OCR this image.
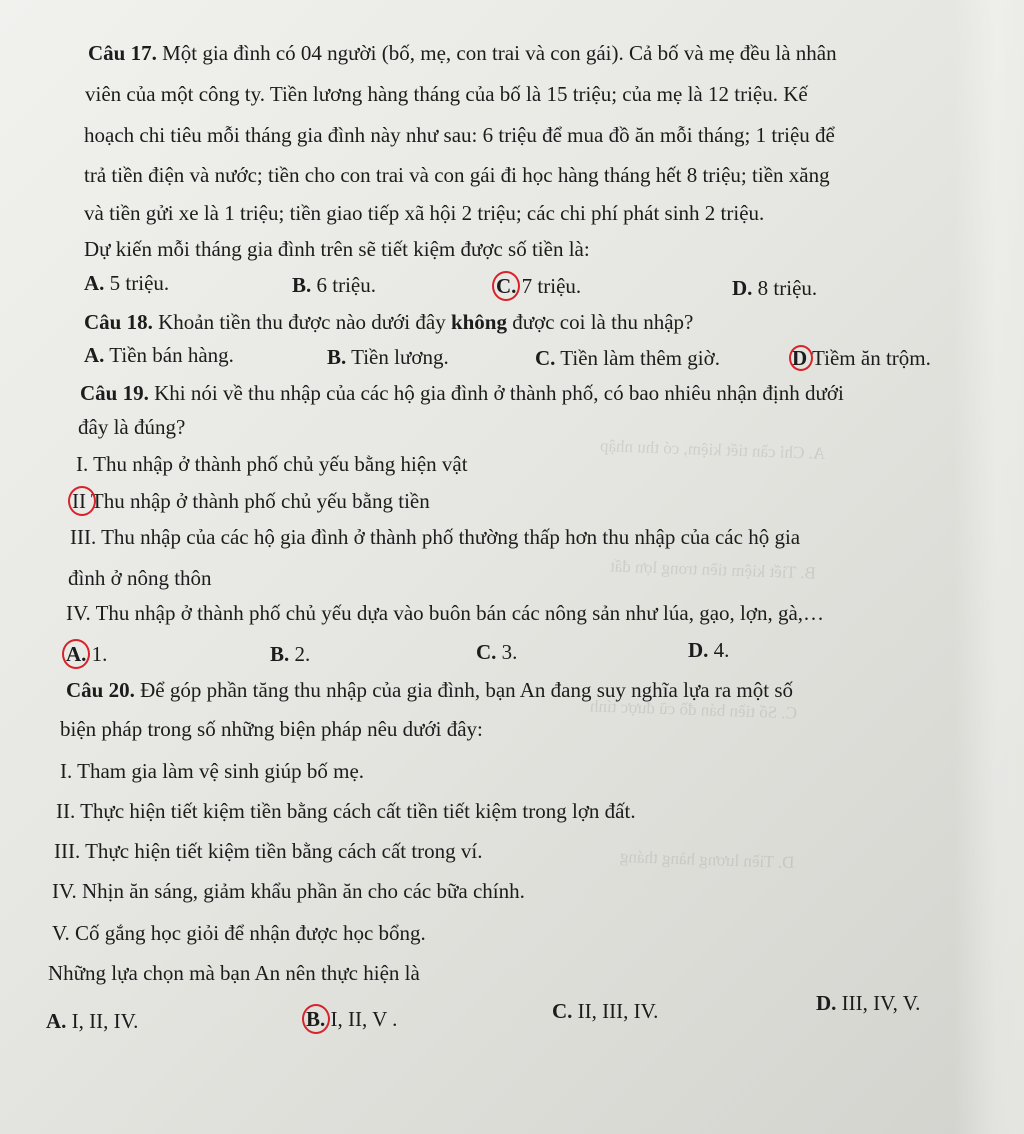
A. Chỉ cần tiết kiệm, có thu nhập
B. Tiết kiệm tiền trong lợn đất
C. Số tiền bán đồ cũ được tính
D. Tiền lương hàng tháng
Câu 17. Một gia đình có 04 người (bố, mẹ, con trai và con gái). Cả bố và mẹ đều là nhân
viên của một công ty. Tiền lương hàng tháng của bố là 15 triệu; của mẹ là 12 triệu. Kế
hoạch chi tiêu mỗi tháng gia đình này như sau: 6 triệu để mua đồ ăn mỗi tháng; 1 triệu để
trả tiền điện và nước; tiền cho con trai và con gái đi học hàng tháng hết 8 triệu; tiền xăng
và tiền gửi xe là 1 triệu; tiền giao tiếp xã hội 2 triệu; các chi phí phát sinh 2 triệu.
Dự kiến mỗi tháng gia đình trên sẽ tiết kiệm được số tiền là:
A. 5 triệu.	B. 6 triệu.	C. 7 triệu.	D. 8 triệu.
Câu 18. Khoản tiền thu được nào dưới đây không được coi là thu nhập?
A. Tiền bán hàng.	B. Tiền lương.	C. Tiền làm thêm giờ.	D Tiềm ăn trộm.
Câu 19. Khi nói về thu nhập của các hộ gia đình ở thành phố, có bao nhiêu nhận định dưới
đây là đúng?
I. Thu nhập ở thành phố chủ yếu bằng hiện vật
II Thu nhập ở thành phố chủ yếu bằng tiền
III. Thu nhập của các hộ gia đình ở thành phố thường thấp hơn thu nhập của các hộ gia
đình ở nông thôn
IV. Thu nhập ở thành phố chủ yếu dựa vào buôn bán các nông sản như lúa, gạo, lợn, gà,…
A. 1.	B. 2.	C. 3.	D. 4.
Câu 20. Để góp phần tăng thu nhập của gia đình, bạn An đang suy nghĩa lựa ra một số
biện pháp trong số những biện pháp nêu dưới đây:
I. Tham gia làm vệ sinh giúp bố mẹ.
II. Thực hiện tiết kiệm tiền bằng cách cất tiền tiết kiệm trong lợn đất.
III. Thực hiện tiết kiệm tiền bằng cách cất trong ví.
IV. Nhịn ăn sáng, giảm khẩu phần ăn cho các bữa chính.
V. Cố gắng học giỏi để nhận được học bổng.
Những lựa chọn mà bạn An nên thực hiện là
A. I, II, IV.	B. I, II, V .	C. II, III, IV.	D. III, IV, V.
